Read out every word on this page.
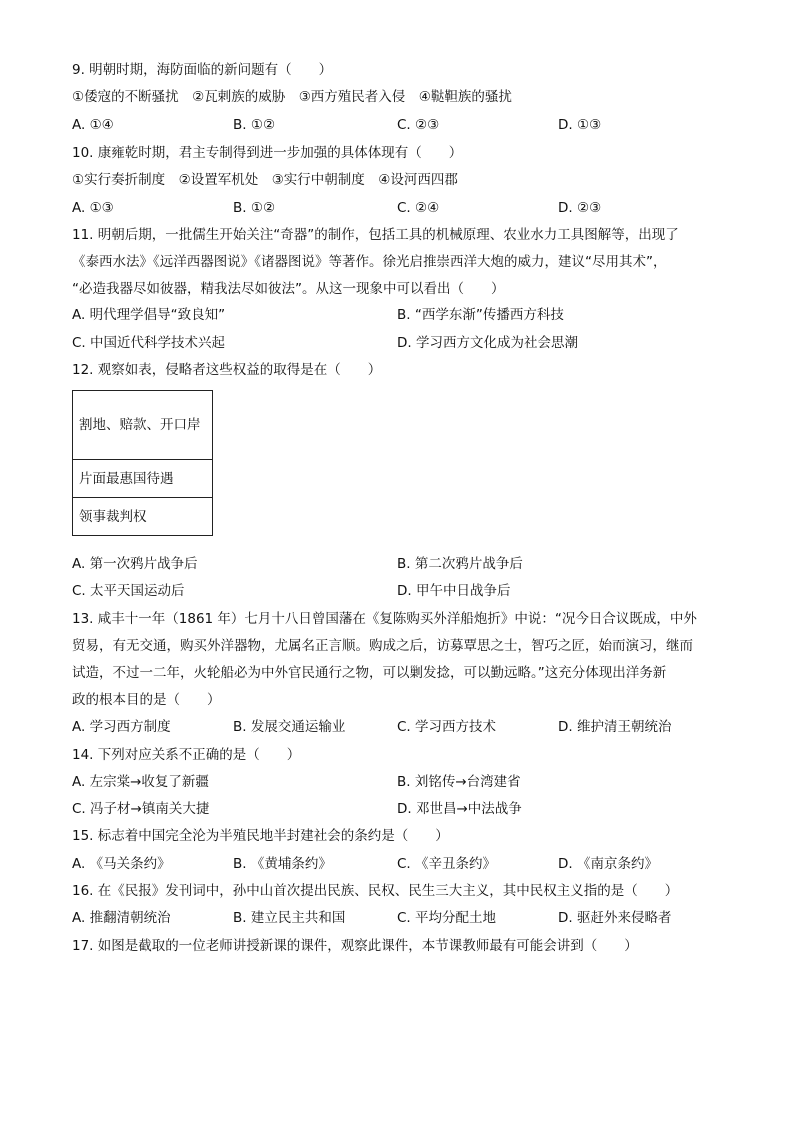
9. 明朝时期，海防面临的新问题有（　　）
①倭寇的不断骚扰　②瓦剌族的威胁　③西方殖民者入侵　④鞑靼族的骚扰
A. ①④	B. ①②	C. ②③	D. ①③
10. 康雍乾时期，君主专制得到进一步加强的具体体现有（　　）
①实行奏折制度　②设置军机处　③实行中朝制度　④设河西四郡
A. ①③	B. ①②	C. ②④	D. ②③
11. 明朝后期，一批儒生开始关注“奇器”的制作，包括工具的机械原理、农业水力工具图解等，出现了
《泰西水法》《远洋西器图说》《诸器图说》等著作。徐光启推崇西洋大炮的威力，建议“尽用其术”，
“必造我器尽如彼器，精我法尽如彼法”。从这一现象中可以看出（　　）
A. 明代理学倡导“致良知”	B. “西学东渐”传播西方科技
C. 中国近代科学技术兴起	D. 学习西方文化成为社会思潮
12. 观察如表，侵略者这些权益的取得是在（　　）
割地、赔款、开口岸
片面最惠国待遇
领事裁判权
A. 第一次鸦片战争后	B. 第二次鸦片战争后
C. 太平天国运动后	D. 甲午中日战争后
13. 咸丰十一年（1861 年）七月十八日曾国藩在《复陈购买外洋船炮折》中说：“况今日合议既成，中外
贸易，有无交通，购买外洋器物，尤属名正言顺。购成之后，访募覃思之士，智巧之匠，始而演习，继而
试造，不过一二年，火轮船必为中外官民通行之物，可以剿发捻，可以勤远略。”这充分体现出洋务新
政的根本目的是（　　）
A. 学习西方制度	B. 发展交通运输业	C. 学习西方技术	D. 维护清王朝统治
14. 下列对应关系不正确的是（　　）
A. 左宗棠→收复了新疆	B. 刘铭传→台湾建省
C. 冯子材→镇南关大捷	D. 邓世昌→中法战争
15. 标志着中国完全沦为半殖民地半封建社会的条约是（　　）
A. 《马关条约》	B. 《黄埔条约》	C. 《辛丑条约》	D. 《南京条约》
16. 在《民报》发刊词中，孙中山首次提出民族、民权、民生三大主义，其中民权主义指的是（　　）
A. 推翻清朝统治	B. 建立民主共和国	C. 平均分配土地	D. 驱赶外来侵略者
17. 如图是截取的一位老师讲授新课的课件，观察此课件，本节课教师最有可能会讲到（　　）
